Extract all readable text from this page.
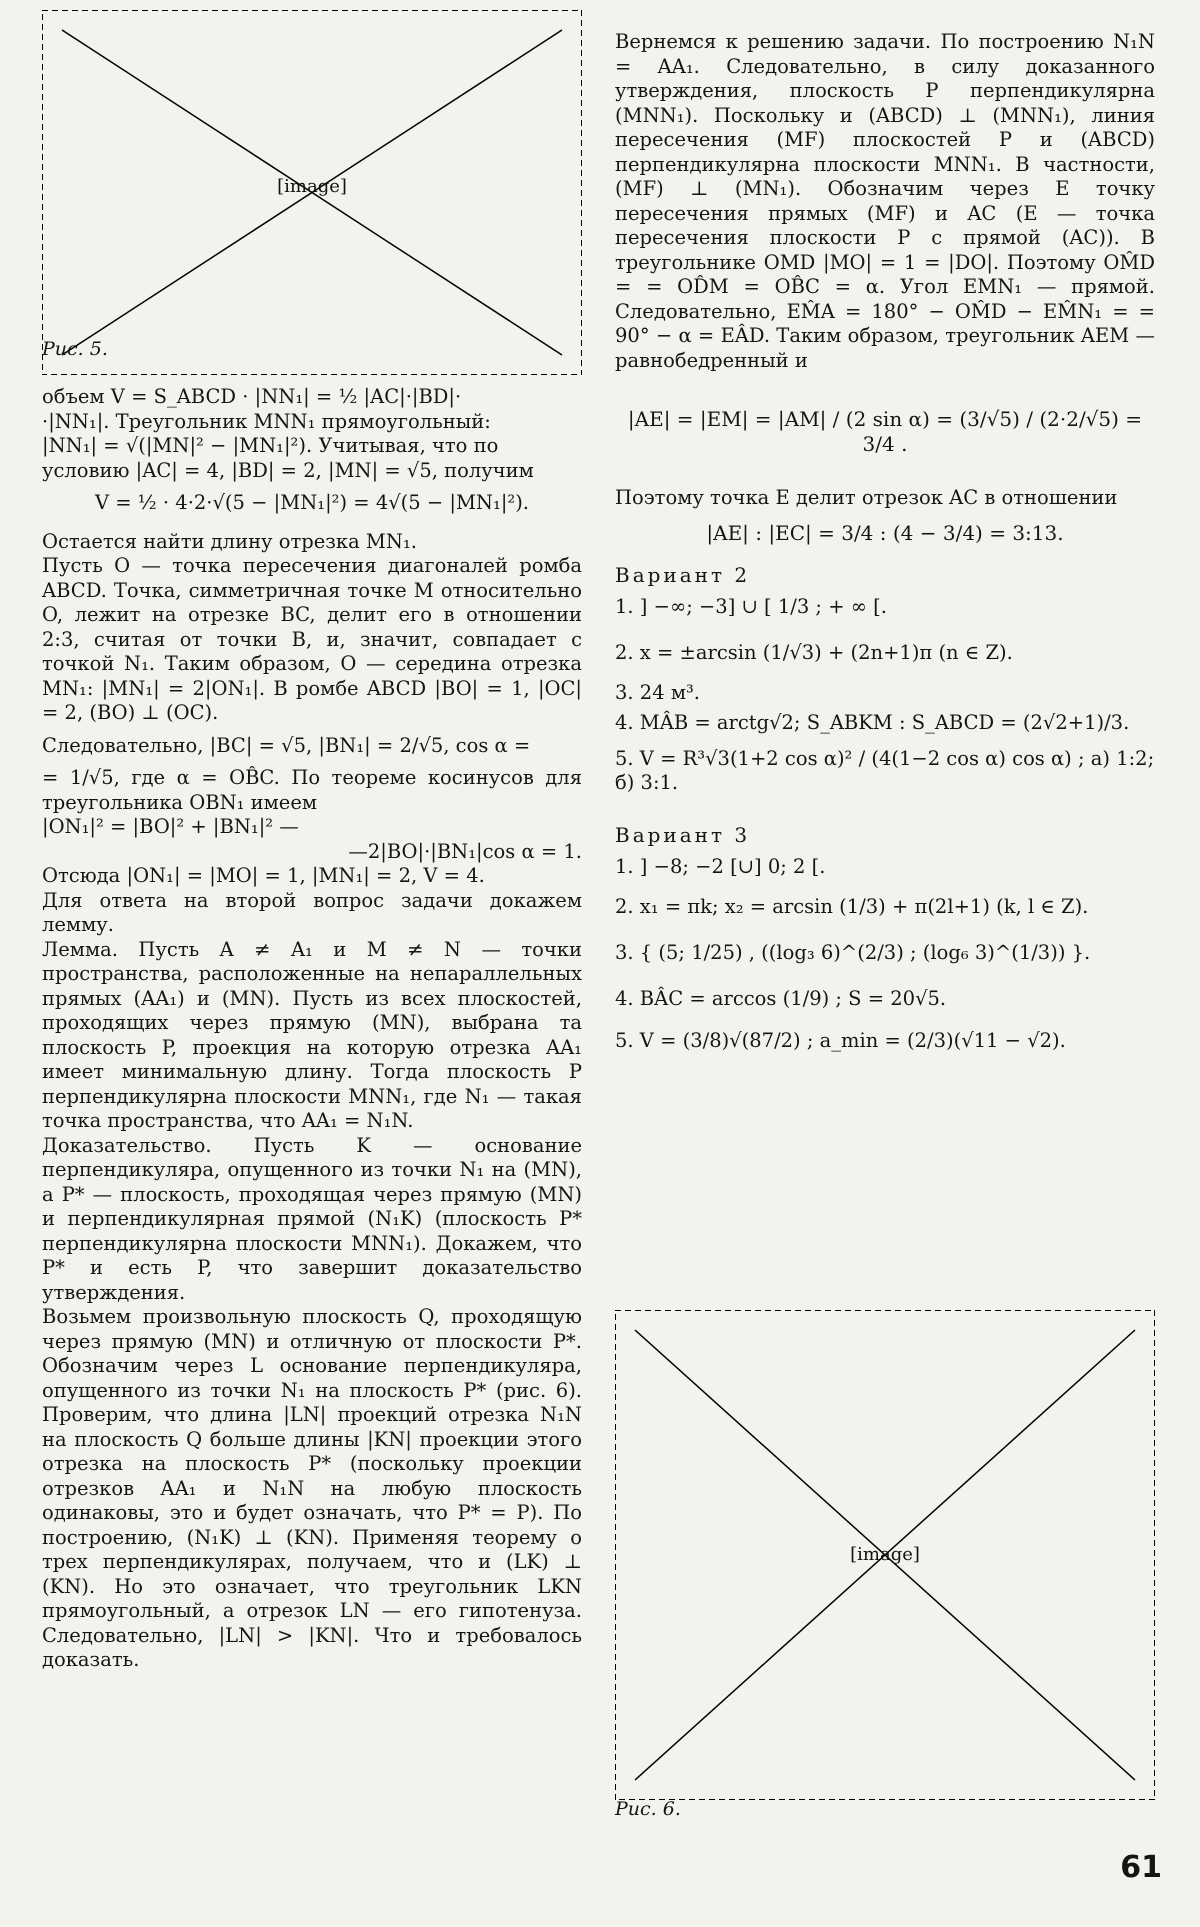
[image]
Рис. 5.

объем V = S_ABCD · |NN₁| = ½ |AC|·|BD|·

·|NN₁|. Треугольник MNN₁ прямоугольный:

|NN₁| = √(|MN|² − |MN₁|²). Учитывая, что по

условию |AC| = 4, |BD| = 2, |MN| = √5, получим

V = ½ · 4·2·√(5 − |MN₁|²) = 4√(5 − |MN₁|²).

Остается найти длину отрезка MN₁.

Пусть O — точка пересечения диагоналей ромба ABCD. Точка, симметричная точке M относительно O, лежит на отрезке BC, делит его в отношении 2:3, считая от точки B, и, значит, совпадает с точкой N₁. Таким образом, O — середина отрезка MN₁: |MN₁| = 2|ON₁|. В ромбе ABCD |BO| = 1, |OC| = 2, (BO) ⊥ (OC).

Следовательно, |BC| = √5, |BN₁| = 2/√5, cos α =

= 1/√5, где α = OB̂C. По теореме косинусов для треугольника OBN₁ имеем

|ON₁|² = |BO|² + |BN₁|² —

—2|BO|·|BN₁|cos α = 1.

Отсюда |ON₁| = |MO| = 1, |MN₁| = 2, V = 4.

Для ответа на второй вопрос задачи докажем лемму.

Лемма. Пусть A ≠ A₁ и M ≠ N — точки пространства, расположенные на непараллельных прямых (AA₁) и (MN). Пусть из всех плоскостей, проходящих через прямую (MN), выбрана та плоскость P, проекция на которую отрезка AA₁ имеет минимальную длину. Тогда плоскость P перпендикулярна плоскости MNN₁, где N₁ — такая точка пространства, что AA₁ = N₁N.

Доказательство. Пусть K — основание перпендикуляра, опущенного из точки N₁ на (MN), а P* — плоскость, проходящая через прямую (MN) и перпендикулярная прямой (N₁K) (плоскость P* перпендикулярна плоскости MNN₁). Докажем, что P* и есть P, что завершит доказательство утверждения.

Возьмем произвольную плоскость Q, проходящую через прямую (MN) и отличную от плоскости P*. Обозначим через L основание перпендикуляра, опущенного из точки N₁ на плоскость P* (рис. 6). Проверим, что длина |LN| проекций отрезка N₁N на плоскость Q больше длины |KN| проекции этого отрезка на плоскость P* (поскольку проекции отрезков AA₁ и N₁N на любую плоскость одинаковы, это и будет означать, что P* = P). По построению, (N₁K) ⊥ (KN). Применяя теорему о трех перпендикулярах, получаем, что и (LK) ⊥ (KN). Но это означает, что треугольник LKN прямоугольный, а отрезок LN — его гипотенуза. Следовательно, |LN| > |KN|. Что и требовалось доказать.

Вернемся к решению задачи. По построению N₁N = AA₁. Следовательно, в силу доказанного утверждения, плоскость P перпендикулярна (MNN₁). Поскольку и (ABCD) ⊥ (MNN₁), линия пересечения (MF) плоскостей P и (ABCD) перпендикулярна плоскости MNN₁. В частности, (MF) ⊥ (MN₁). Обозначим через E точку пересечения прямых (MF) и AC (E — точка пересечения плоскости P с прямой (AC)). В треугольнике OMD |MO| = 1 = |DO|. Поэтому OM̂D = = OD̂M = OB̂C = α. Угол EMN₁ — прямой. Следовательно, EM̂A = 180° − OM̂D − EM̂N₁ = = 90° − α = EÂD. Таким образом, треугольник AEM — равнобедренный и

|AE| = |EM| = |AM| / (2 sin α) = (3/√5) / (2·2/√5) = 3/4 .

Поэтому точка E делит отрезок AC в отношении

|AE| : |EC| = 3/4 : (4 − 3/4) = 3:13.

Вариант 2

1. ] −∞; −3] ∪ [ 1/3 ; + ∞ [.

2. x = ±arcsin (1/√3) + (2n+1)π (n ∈ Z).

3. 24 м³.

4. MÂB = arctg√2; S_ABKM : S_ABCD = (2√2+1)/3.

5. V = R³√3(1+2 cos α)² / (4(1−2 cos α) cos α) ; а) 1:2; б) 3:1.

Вариант 3

1. ] −8; −2 [∪] 0; 2 [.

2. x₁ = πk; x₂ = arcsin (1/3) + π(2l+1) (k, l ∈ Z).

3. { (5; 1/25) , ((log₃ 6)^(2/3) ; (log₆ 3)^(1/3)) }.

4. BÂC = arccos (1/9) ; S = 20√5.

5. V = (3/8)√(87/2) ; a_min = (2/3)(√11 − √2).

[image]
Рис. 6.
61
